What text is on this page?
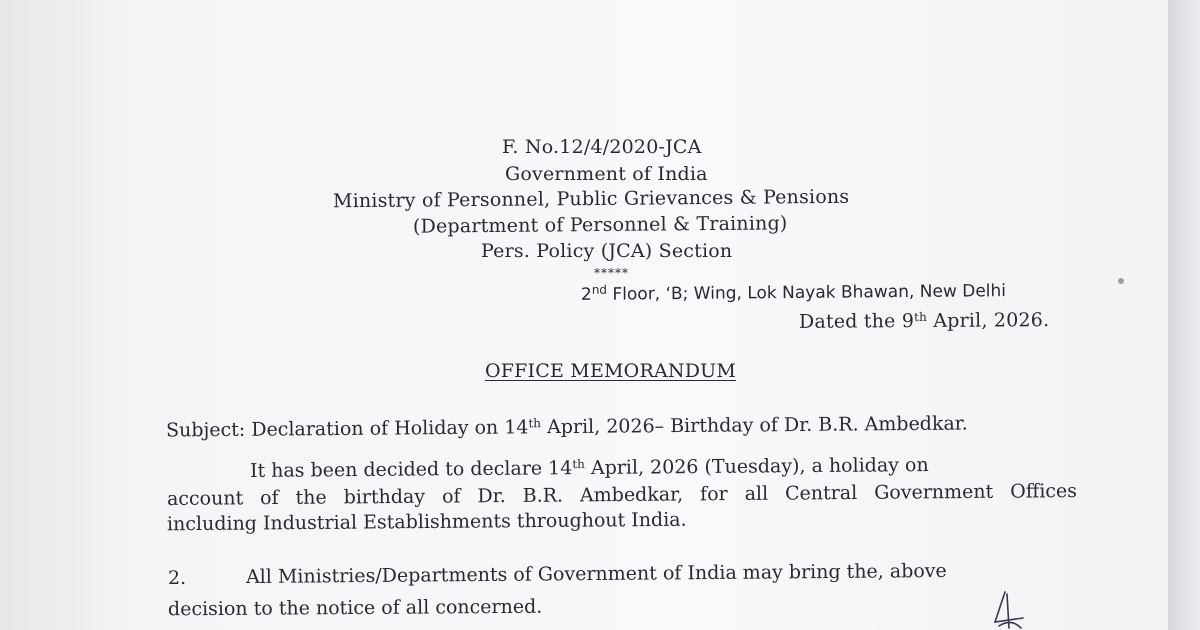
F. No.12/4/2020-JCA
Government of India
Ministry of Personnel, Public Grievances & Pensions
(Department of Personnel & Training)
Pers. Policy (JCA) Section
*****
2nd Floor, ‘B; Wing, Lok Nayak Bhawan, New Delhi
Dated the 9th April, 2026.
OFFICE MEMORANDUM
Subject: Declaration of Holiday on 14th April, 2026– Birthday of Dr. B.R. Ambedkar.
It has been decided to declare 14th April, 2026 (Tuesday), a holiday on
account of the birthday of Dr. B.R. Ambedkar, for all Central Government Offices
including Industrial Establishments throughout India.
2.	All Ministries/Departments of Government of India may bring the, above
decision to the notice of all concerned.
